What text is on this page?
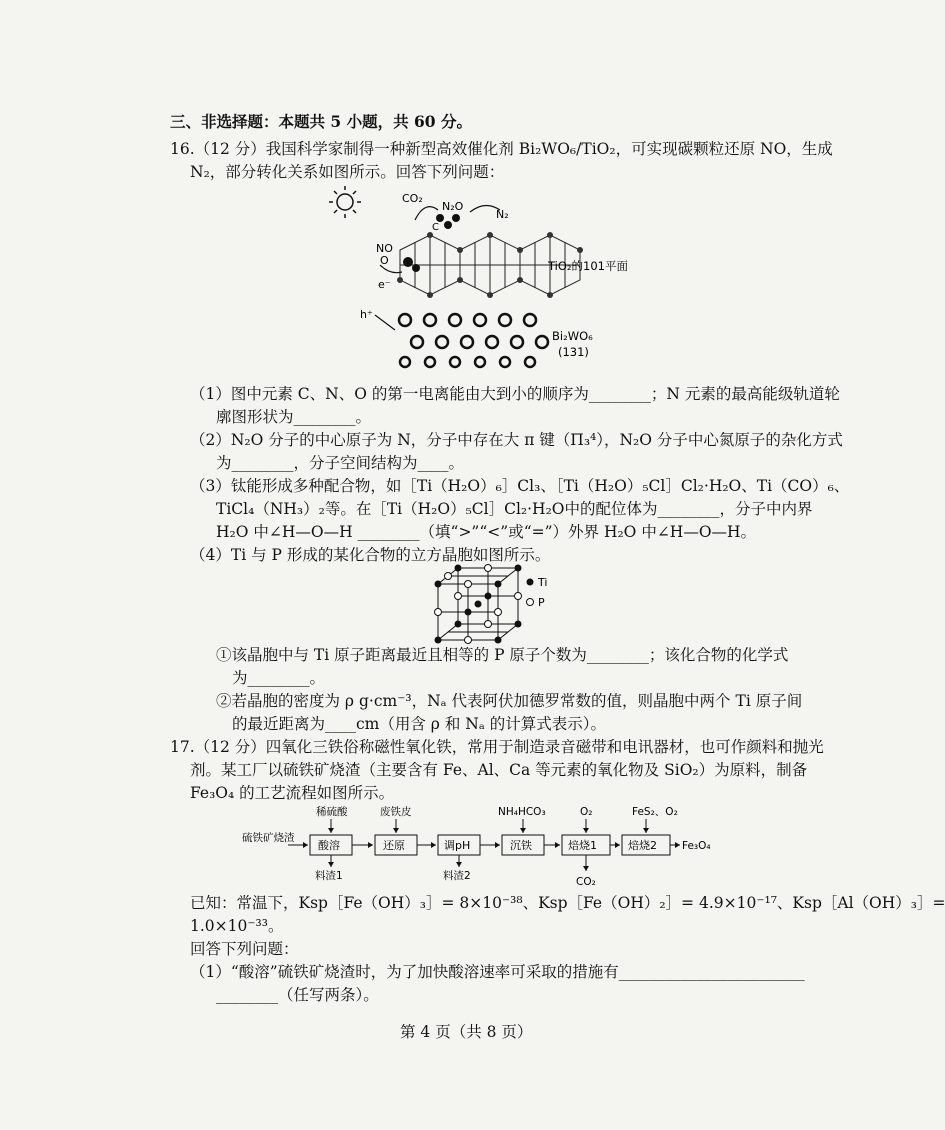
三、非选择题：本题共 5 小题，共 60 分。
16.（12 分）我国科学家制得一种新型高效催化剂 Bi₂WO₆/TiO₂，可实现碳颗粒还原 NO，生成
N₂，部分转化关系如图所示。回答下列问题：
CO₂
N₂O
N₂
NO
O
C
e⁻
h⁺
TiO₂的101平面
Bi₂WO₆
(131)
（1）图中元素 C、N、O 的第一电离能由大到小的顺序为________；N 元素的最高能级轨道轮
廓图形状为________。
（2）N₂O 分子的中心原子为 N，分子中存在大 π 键（Π₃⁴），N₂O 分子中心氮原子的杂化方式
为________，分子空间结构为____。
（3）钛能形成多种配合物，如［Ti（H₂O）₆］Cl₃、［Ti（H₂O）₅Cl］Cl₂·H₂O、Ti（CO）₆、
TiCl₄（NH₃）₂等。在［Ti（H₂O）₅Cl］Cl₂·H₂O中的配位体为________，分子中内界
H₂O 中∠H—O—H ________（填“>”“<”或“=”）外界 H₂O 中∠H—O—H。
（4）Ti 与 P 形成的某化合物的立方晶胞如图所示。
Ti
P
①该晶胞中与 Ti 原子距离最近且相等的 P 原子个数为________；该化合物的化学式
为________。
②若晶胞的密度为 ρ g·cm⁻³，Nₐ 代表阿伏加德罗常数的值，则晶胞中两个 Ti 原子间
的最近距离为____cm（用含 ρ 和 Nₐ 的计算式表示）。
17.（12 分）四氧化三铁俗称磁性氧化铁，常用于制造录音磁带和电讯器材，也可作颜料和抛光
剂。某工厂以硫铁矿烧渣（主要含有 Fe、Al、Ca 等元素的氧化物及 SiO₂）为原料，制备
Fe₃O₄ 的工艺流程如图所示。
硫铁矿烧渣
稀硫酸	废铁皮	NH₄HCO₃	O₂	FeS₂、O₂
酸溶	还原	调pH	沉铁	焙烧1	焙烧2 Fe₃O₄
料渣1	料渣2	CO₂
已知：常温下，Ksp［Fe（OH）₃］= 8×10⁻³⁸、Ksp［Fe（OH）₂］= 4.9×10⁻¹⁷、Ksp［Al（OH）₃］=
1.0×10⁻³³。
回答下列问题：
（1）“酸溶”硫铁矿烧渣时，为了加快酸溶速率可采取的措施有________________________
________（任写两条）。
第 4 页（共 8 页）
